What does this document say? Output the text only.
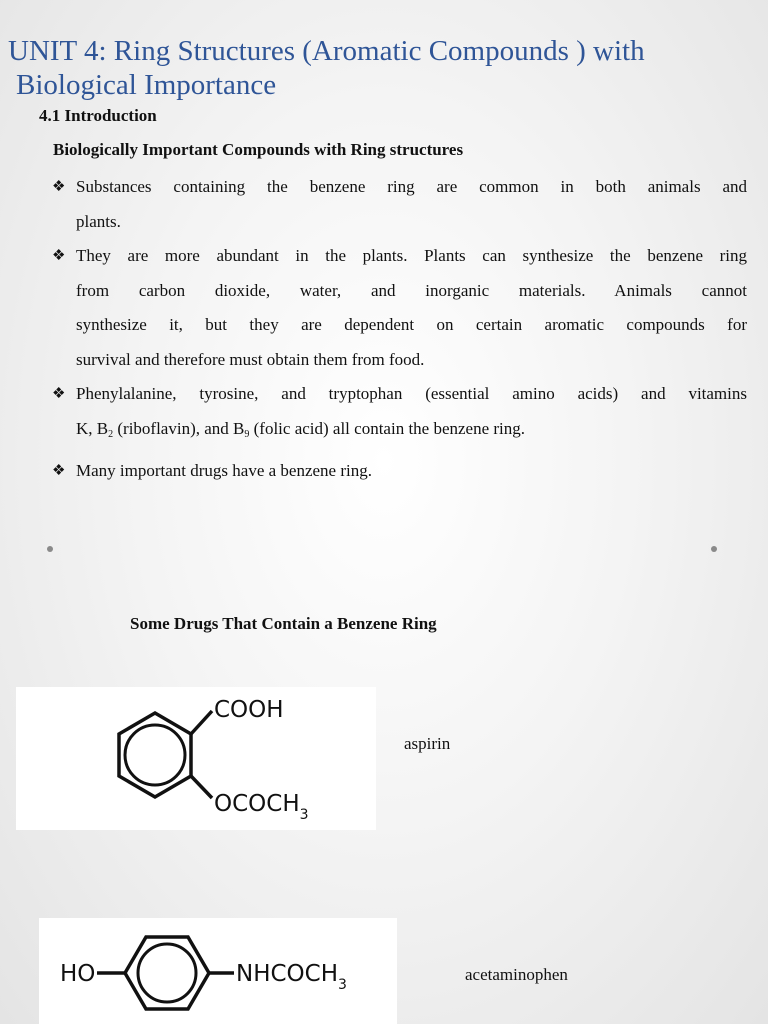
UNIT 4: Ring Structures (Aromatic Compounds ) with
Biological Importance
4.1 Introduction
Biologically Important Compounds with Ring structures
❖ Substances containing the benzene ring are common in both animals and
plants.
❖ They are more abundant in the plants. Plants can synthesize the benzene ring
from carbon dioxide, water, and inorganic materials. Animals cannot
synthesize it, but they are dependent on certain aromatic compounds for
survival and therefore must obtain them from food.
❖ Phenylalanine, tyrosine, and tryptophan (essential amino acids) and vitamins
K, $B_2$ (riboflavin), and $B_9$ (folic acid) all contain the benzene ring.
❖ Many important drugs have a benzene ring.
Some Drugs That Contain a Benzene Ring
COOH
$OCOCH_3$
aspirin
HO	$NHCOCH_3$
acetaminophen
